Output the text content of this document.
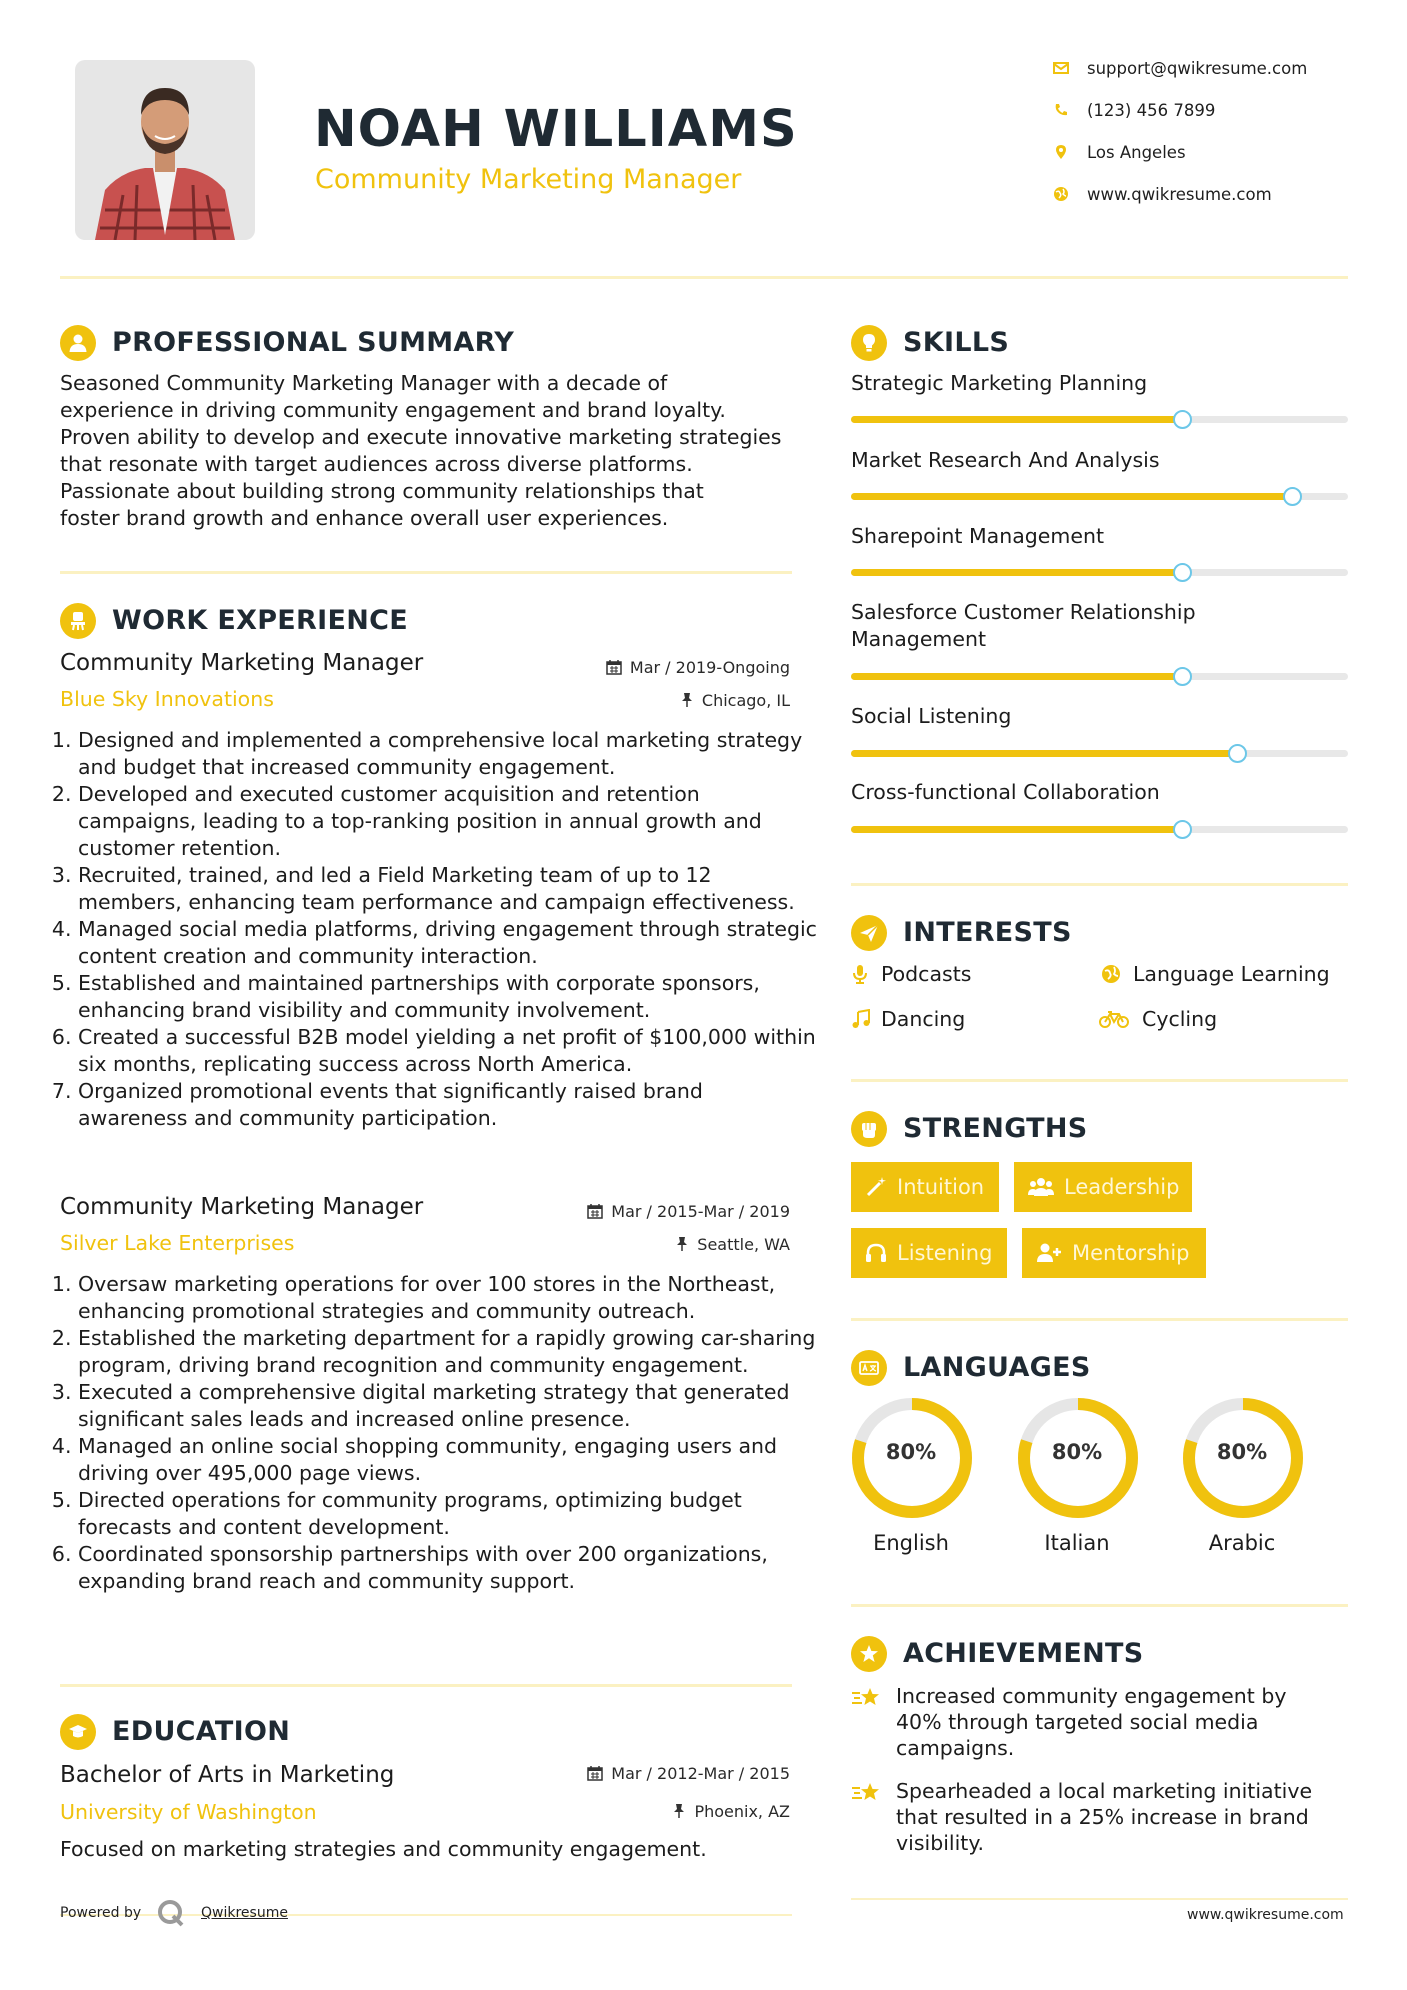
NOAH WILLIAMS
Community Marketing Manager
support@qwikresume.com
(123) 456 7899
Los Angeles
www.qwikresume.com
PROFESSIONAL SUMMARY
Seasoned Community Marketing Manager with a decade of
experience in driving community engagement and brand loyalty.
Proven ability to develop and execute innovative marketing strategies
that resonate with target audiences across diverse platforms.
Passionate about building strong community relationships that
foster brand growth and enhance overall user experiences.
WORK EXPERIENCE
Community Marketing Manager
Blue Sky Innovations
Mar / 2019-Ongoing
Chicago, IL
1. Designed and implemented a comprehensive local marketing strategy and budget that increased community engagement.
2. Developed and executed customer acquisition and retention campaigns, leading to a top-ranking position in annual growth and customer retention.
3. Recruited, trained, and led a Field Marketing team of up to 12 members, enhancing team performance and campaign effectiveness.
4. Managed social media platforms, driving engagement through strategic content creation and community interaction.
5. Established and maintained partnerships with corporate sponsors, enhancing brand visibility and community involvement.
6. Created a successful B2B model yielding a net profit of $100,000 within six months, replicating success across North America.
7. Organized promotional events that significantly raised brand awareness and community participation.
Community Marketing Manager
Silver Lake Enterprises
Mar / 2015-Mar / 2019
Seattle, WA
1. Oversaw marketing operations for over 100 stores in the Northeast, enhancing promotional strategies and community outreach.
2. Established the marketing department for a rapidly growing car-sharing program, driving brand recognition and community engagement.
3. Executed a comprehensive digital marketing strategy that generated significant sales leads and increased online presence.
4. Managed an online social shopping community, engaging users and driving over 495,000 page views.
5. Directed operations for community programs, optimizing budget forecasts and content development.
6. Coordinated sponsorship partnerships with over 200 organizations, expanding brand reach and community support.
EDUCATION
Bachelor of Arts in Marketing
University of Washington
Mar / 2012-Mar / 2015
Phoenix, AZ
Focused on marketing strategies and community engagement.
SKILLS
Strategic Marketing Planning
Market Research And Analysis
Sharepoint Management
Salesforce Customer Relationship Management
Social Listening
Cross-functional Collaboration
INTERESTS
Podcasts	Language Learning
Dancing	Cycling
STRENGTHS
Intuition	Leadership
Listening	Mentorship
LANGUAGES
80%
English
80%
Italian
80%
Arabic
ACHIEVEMENTS
Increased community engagement by 40% through targeted social media campaigns.
Spearheaded a local marketing initiative that resulted in a 25% increase in brand visibility.
Powered by	Qwikresume	www.qwikresume.com
